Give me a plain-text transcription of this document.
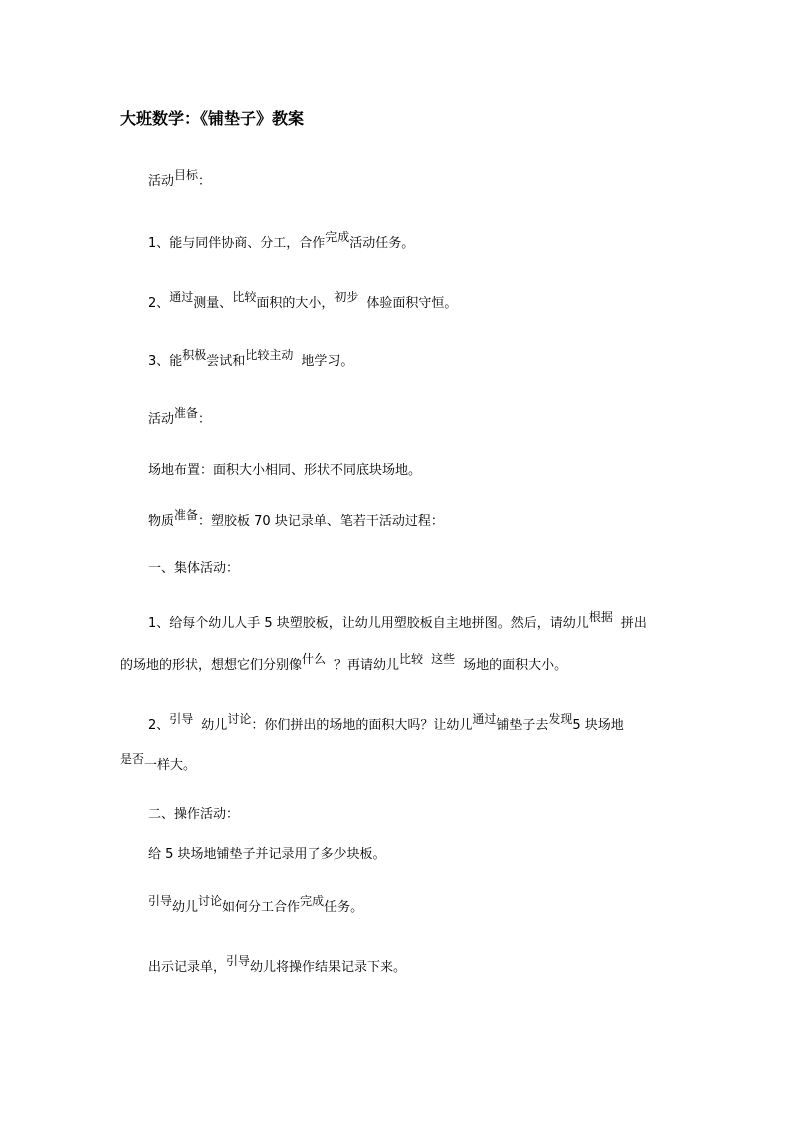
大班数学：《铺垫子》教案
活动目标：
1、能与同伴协商、分工，合作完成活动任务。
2、通过测量、比较面积的大小，初步 体验面积守恒。
3、能积极尝试和比较主动 地学习。
活动准备：
场地布置：面积大小相同、形状不同底块场地。
物质准备：塑胶板 70 块记录单、笔若干活动过程：
一、集体活动：
1、给每个幼儿人手 5 块塑胶板，让幼儿用塑胶板自主地拼图。然后，请幼儿根据 拼出
的场地的形状，想想它们分别像什么 ？再请幼儿比较 这些 场地的面积大小。
2、引导 幼儿讨论：你们拼出的场地的面积大吗？让幼儿通过铺垫子去发现5 块场地
是否一样大。
二、操作活动：
给 5 块场地铺垫子并记录用了多少块板。
引导幼儿讨论如何分工合作完成任务。
出示记录单，引导幼儿将操作结果记录下来。
